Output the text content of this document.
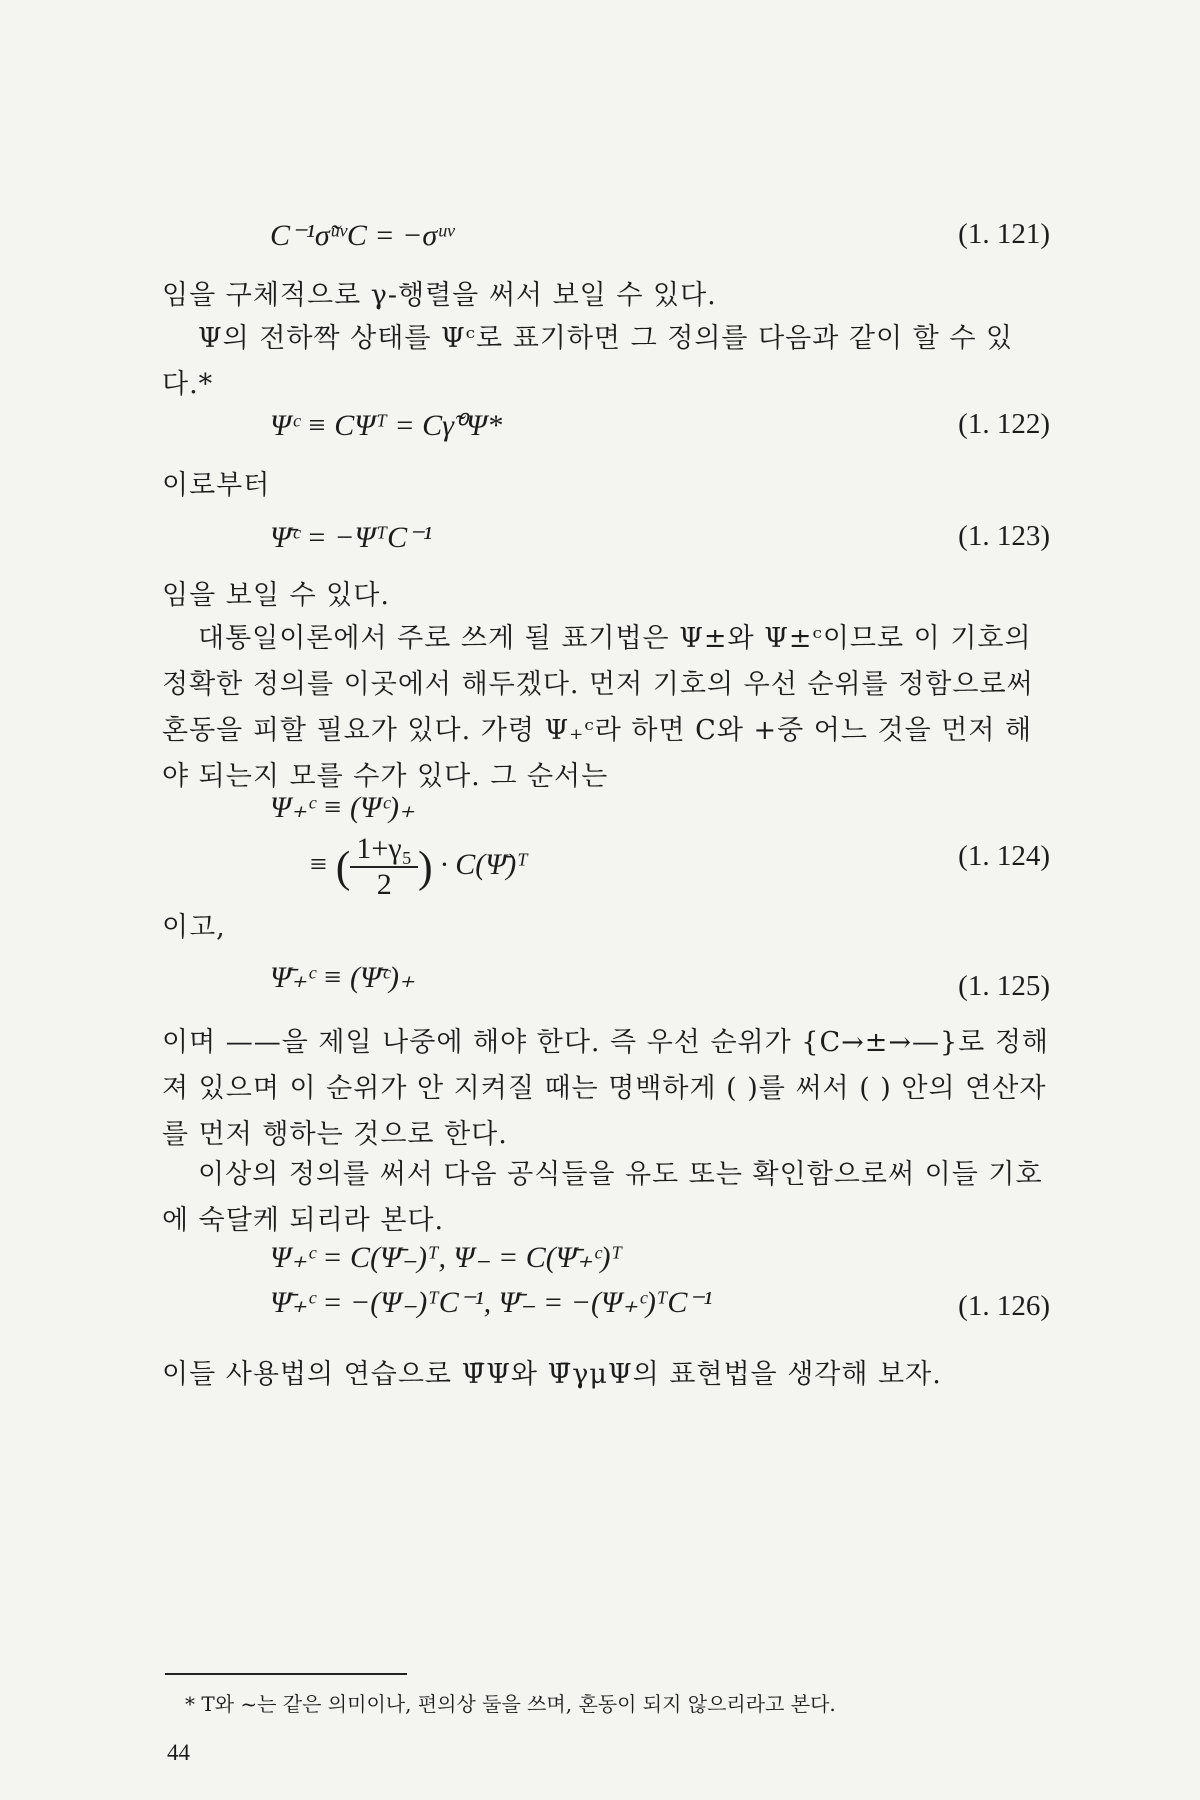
C⁻¹σ̃ᵘᵛC = −σᵘᵛ	(1. 121)
임을 구체적으로 γ-행렬을 써서 보일 수 있다.
Ψ의 전하짝 상태를 Ψᶜ로 표기하면 그 정의를 다음과 같이 할 수 있다.*
Ψᶜ ≡ CΨᵀ = Cγ̃⁰Ψ*	(1. 122)
이로부터
Ψ̄ᶜ = −ΨᵀC⁻¹	(1. 123)
임을 보일 수 있다.
대통일이론에서 주로 쓰게 될 표기법은 Ψ±와 Ψ±ᶜ이므로 이 기호의 정확한 정의를 이곳에서 해두겠다. 먼저 기호의 우선 순위를 정함으로써 혼동을 피할 필요가 있다. 가령 Ψ₊ᶜ라 하면 C와 +중 어느 것을 먼저 해야 되는지 모를 수가 있다. 그 순서는
Ψ₊ᶜ ≡ (Ψᶜ)₊
≡ ( $\frac{\text{1+γ₅}}{2}$ ) · C(Ψ̄)ᵀ	(1. 124)
이고,
Ψ̄₊ᶜ ≡ (Ψ̄ᶜ)₊	(1. 125)
이며 ——을 제일 나중에 해야 한다. 즉 우선 순위가 {C→±→—}로 정해져 있으며 이 순위가 안 지켜질 때는 명백하게 ( )를 써서 ( ) 안의 연산자를 먼저 행하는 것으로 한다.
이상의 정의를 써서 다음 공식들을 유도 또는 확인함으로써 이들 기호에 숙달케 되리라 본다.
Ψ₊ᶜ = C(Ψ̄₋)ᵀ, Ψ₋ = C(Ψ̄₊ᶜ)ᵀ
Ψ̄₊ᶜ = −(Ψ₋)ᵀC⁻¹, Ψ̄₋ = −(Ψ₊ᶜ)ᵀC⁻¹	(1. 126)
이들 사용법의 연습으로 Ψ̄Ψ와 Ψ̄γμΨ의 표현법을 생각해 보자.
* T와 ~는 같은 의미이나, 편의상 둘을 쓰며, 혼동이 되지 않으리라고 본다.
44
